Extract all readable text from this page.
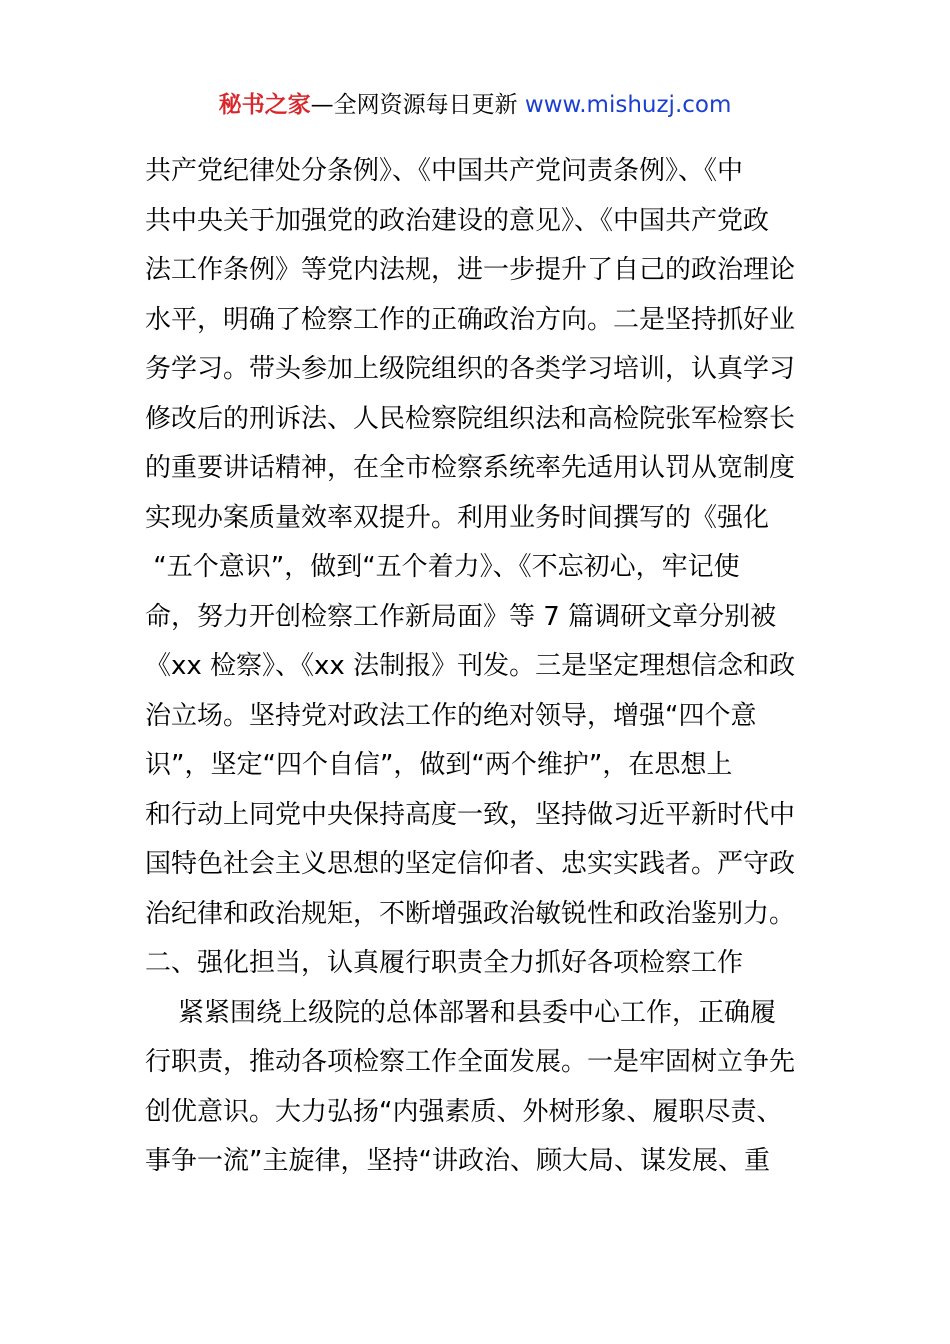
秘书之家—全网资源每日更新 www.mishuzj.com
共产党纪律处分条例》、《中国共产党问责条例》、《中
共中央关于加强党的政治建设的意见》、《中国共产党政
法工作条例》等党内法规，进一步提升了自己的政治理论
水平，明确了检察工作的正确政治方向。二是坚持抓好业
务学习。带头参加上级院组织的各类学习培训，认真学习
修改后的刑诉法、人民检察院组织法和高检院张军检察长
的重要讲话精神，在全市检察系统率先适用认罚从宽制度
实现办案质量效率双提升。利用业务时间撰写的《强化
“五个意识”，做到“五个着力》、《不忘初心，牢记使
命，努力开创检察工作新局面》等 7 篇调研文章分别被
《xx 检察》、《xx 法制报》刊发。三是坚定理想信念和政
治立场。坚持党对政法工作的绝对领导，增强“四个意
识”，坚定“四个自信”，做到“两个维护”，在思想上
和行动上同党中央保持高度一致，坚持做习近平新时代中
国特色社会主义思想的坚定信仰者、忠实实践者。严守政
治纪律和政治规矩，不断增强政治敏锐性和政治鉴别力。
二、强化担当，认真履行职责全力抓好各项检察工作
紧紧围绕上级院的总体部署和县委中心工作，正确履
行职责，推动各项检察工作全面发展。一是牢固树立争先
创优意识。大力弘扬“内强素质、外树形象、履职尽责、
事争一流”主旋律，坚持“讲政治、顾大局、谋发展、重
